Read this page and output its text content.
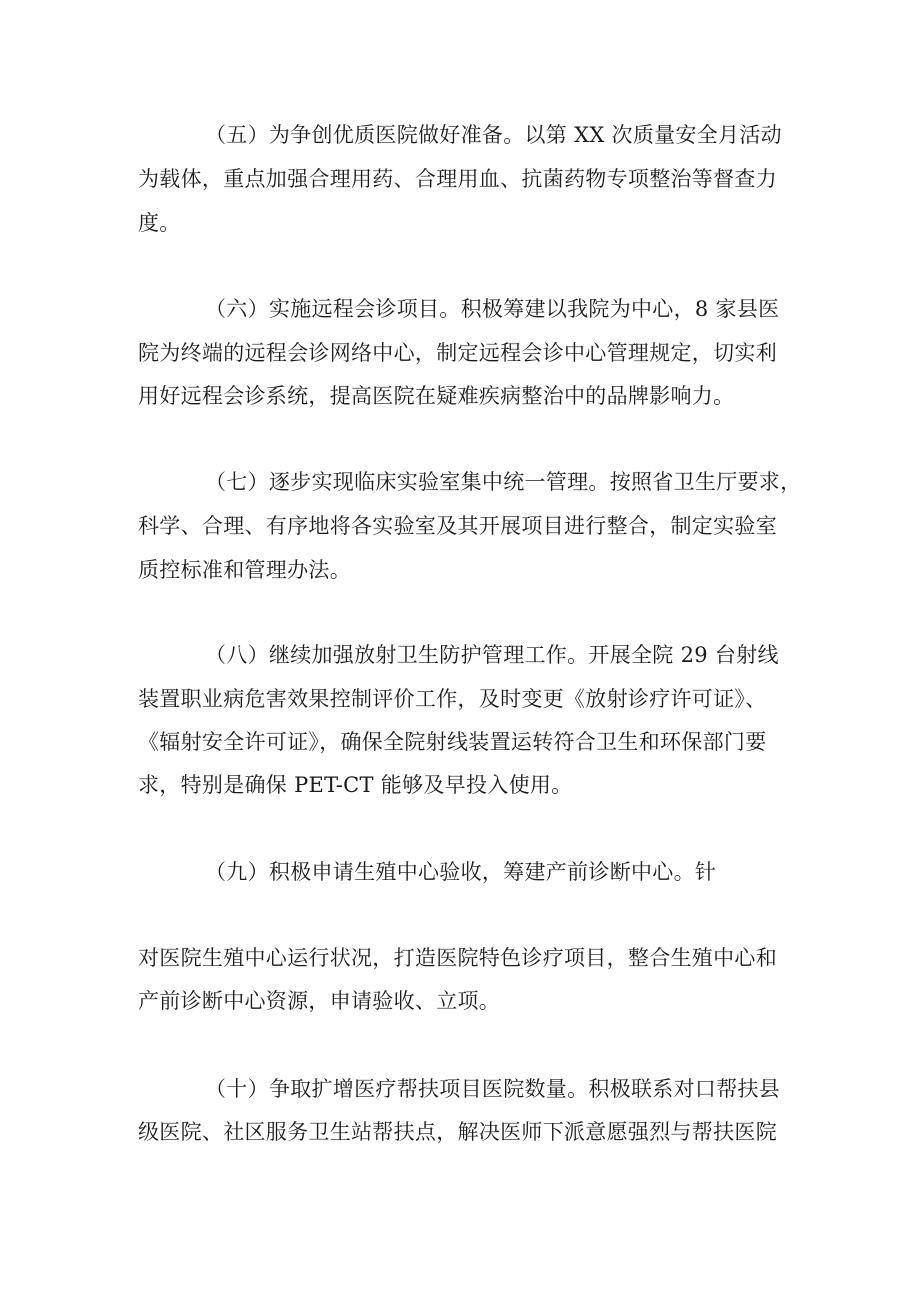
（五）为争创优质医院做好准备。以第 XX 次质量安全月活动
为载体，重点加强合理用药、合理用血、抗菌药物专项整治等督查力
度。
（六）实施远程会诊项目。积极筹建以我院为中心，8 家县医
院为终端的远程会诊网络中心，制定远程会诊中心管理规定，切实利
用好远程会诊系统，提高医院在疑难疾病整治中的品牌影响力。
（七）逐步实现临床实验室集中统一管理。按照省卫生厅要求，
科学、合理、有序地将各实验室及其开展项目进行整合，制定实验室
质控标准和管理办法。
（八）继续加强放射卫生防护管理工作。开展全院 29 台射线
装置职业病危害效果控制评价工作，及时变更《放射诊疗许可证》、
《辐射安全许可证》，确保全院射线装置运转符合卫生和环保部门要
求，特别是确保 PET-CT 能够及早投入使用。
（九）积极申请生殖中心验收，筹建产前诊断中心。针
对医院生殖中心运行状况，打造医院特色诊疗项目，整合生殖中心和
产前诊断中心资源，申请验收、立项。
（十）争取扩增医疗帮扶项目医院数量。积极联系对口帮扶县
级医院、社区服务卫生站帮扶点，解决医师下派意愿强烈与帮扶医院
